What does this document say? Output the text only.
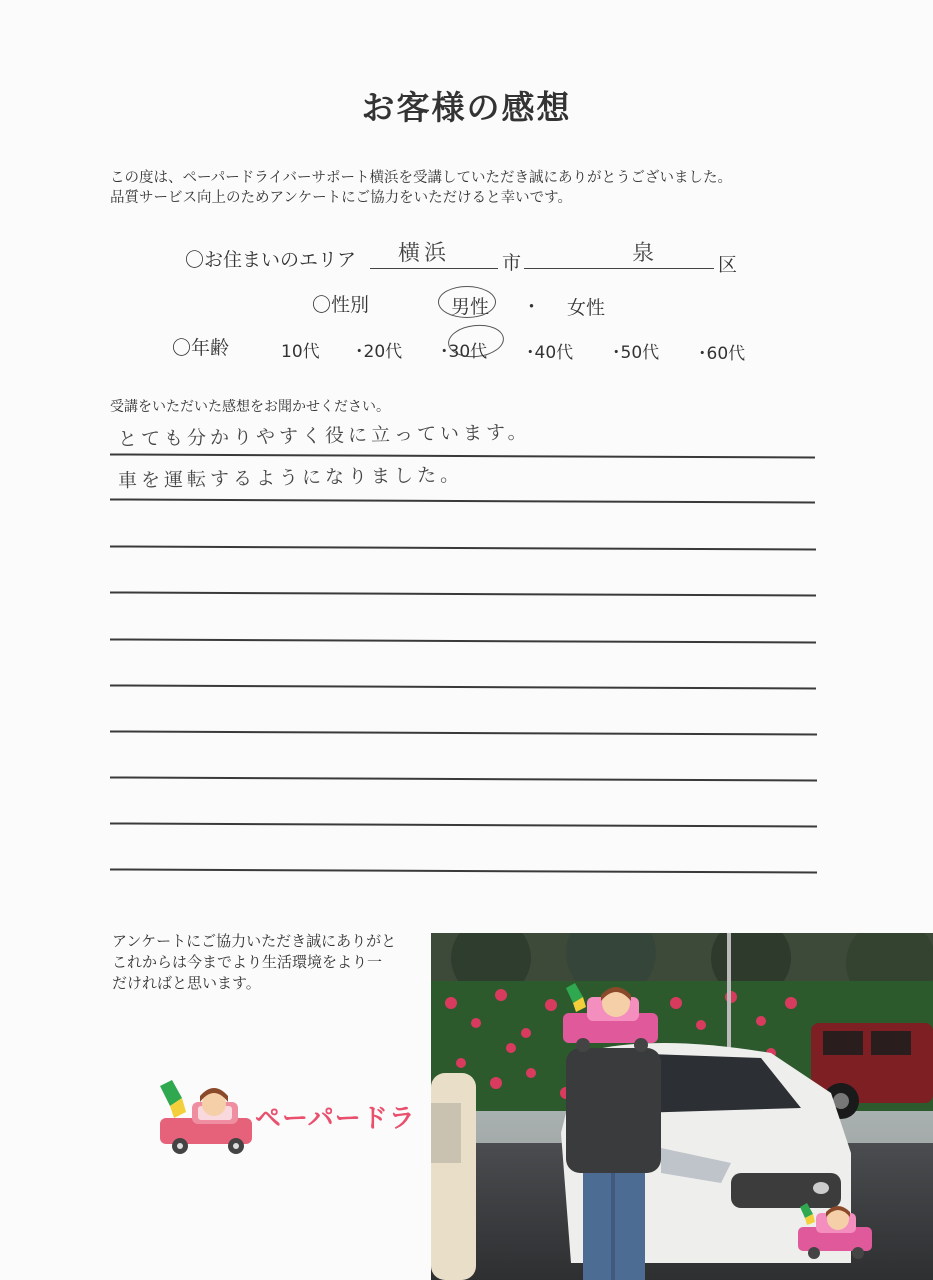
お客様の感想
この度は、ペーパードライバーサポート横浜を受講していただき誠にありがとうございました。
品質サービス向上のためアンケートにご協力をいただけると幸いです。
〇お住まいのエリア 横浜	市	泉	区
〇性別	男性 ・ 女性
〇年齢	10代 ･20代 ･30代 ･40代 ･50代 ･60代
受講をいただいた感想をお聞かせください。
とても分かりやすく役に立っています。
車を運転するようになりました。
アンケートにご協力いただき誠にありがと
これからは今までより生活環境をより一
だければと思います。
ペーパードラ
